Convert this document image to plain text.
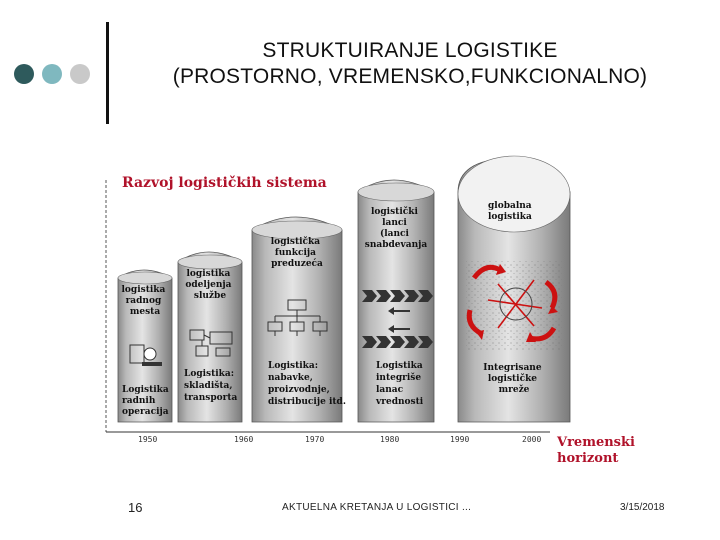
STRUKTUIRANJE LOGISTIKE
(PROSTORNO, VREMENSKO,FUNKCIONALNO)
Razvoj logističkih sistema
logistika radnog mesta
Logistika radnih operacija
logistika odeljenja službe
Logistika: skladišta, transporta
logistička funkcija preduzeća
Logistika: nabavke, proizvodnje, distribucije itd.
logistički lanci (lanci snabdevanja
Logistika integriše lanac vrednosti
globalna logistika
Integrisane logističke mreže
1950	1960	1970	1980	1990	2000 Vremenski horizont
16	AKTUELNA KRETANJA U LOGISTICI ...	3/15/2018
